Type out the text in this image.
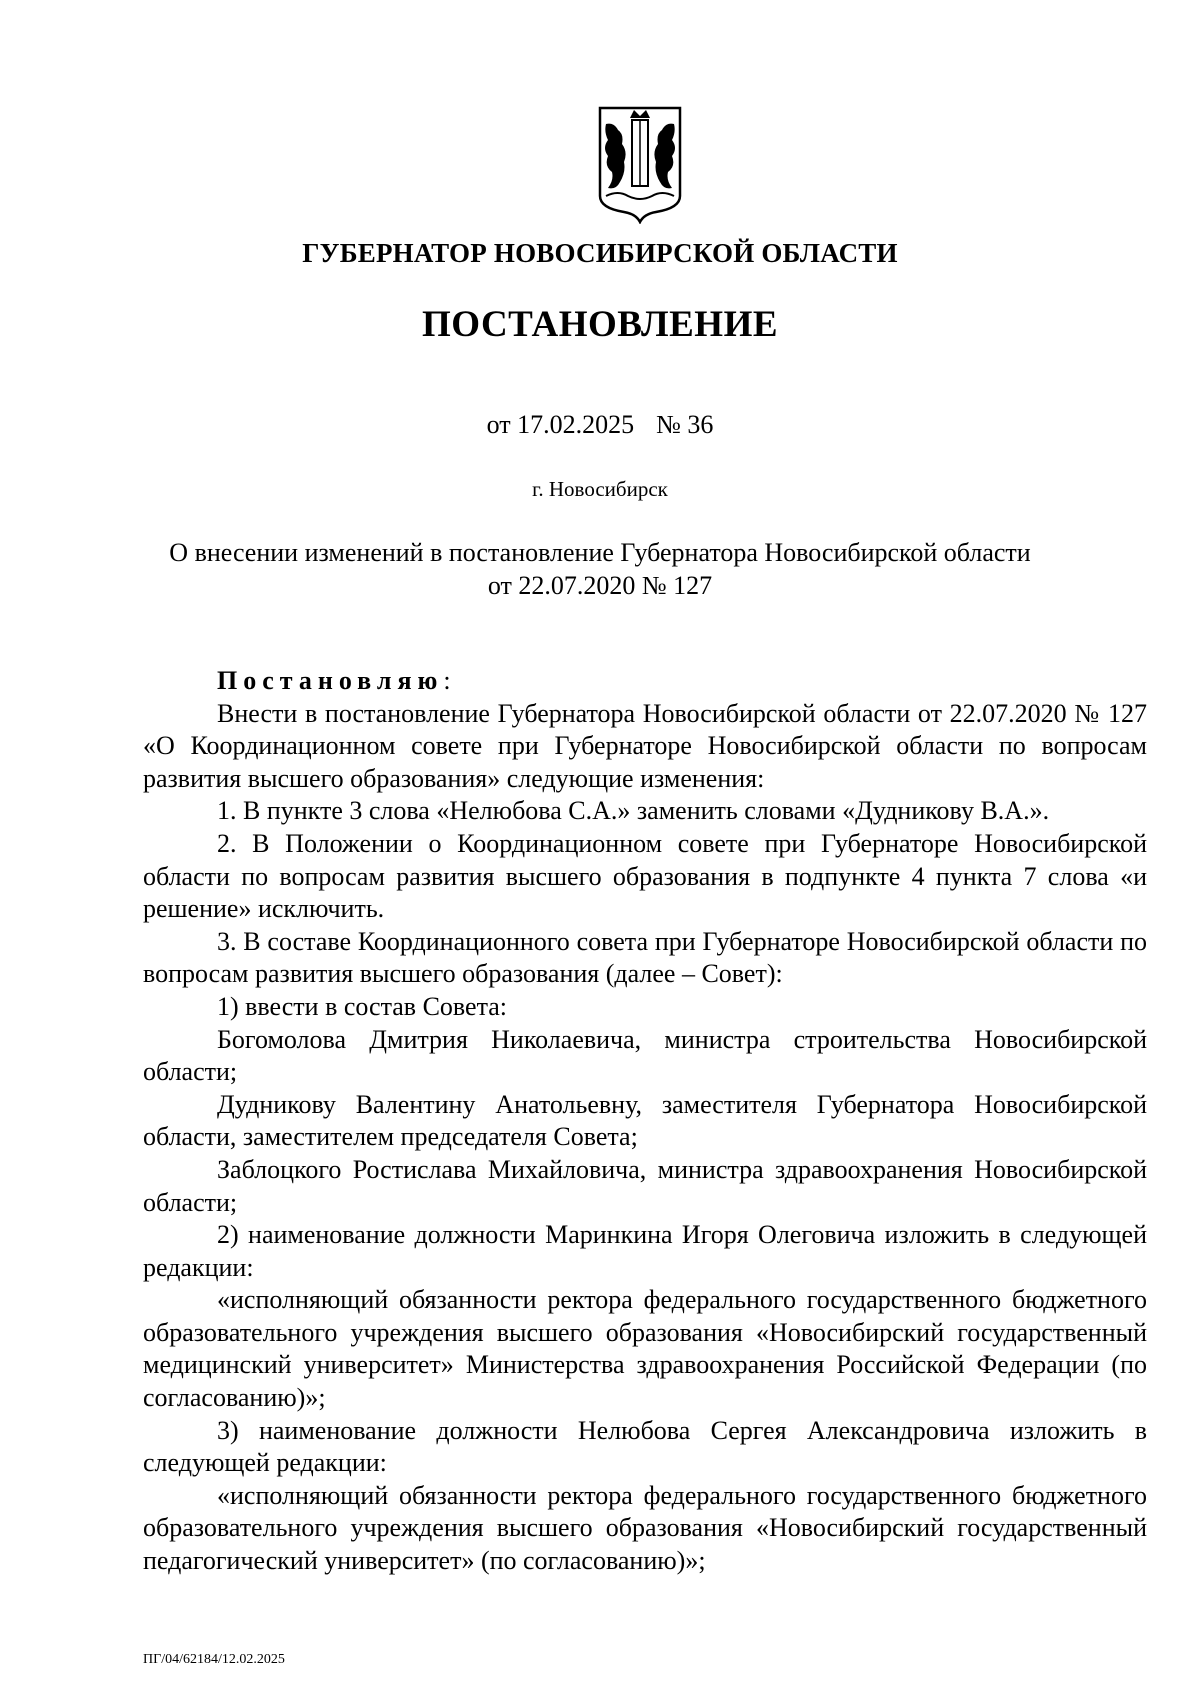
ГУБЕРНАТОР НОВОСИБИРСКОЙ ОБЛАСТИ
ПОСТАНОВЛЕНИЕ
от 17.02.2025 № 36
г. Новосибирск
О внесении изменений в постановление Губернатора Новосибирской области
от 22.07.2020 № 127

Постановляю:

Внести в постановление Губернатора Новосибирской области от 22.07.2020 № 127 «О Координационном совете при Губернаторе Новосибирской области по вопросам развития высшего образования» следующие изменения:

1. В пункте 3 слова «Нелюбова С.А.» заменить словами «Дудникову В.А.».

2. В Положении о Координационном совете при Губернаторе Новосибирской области по вопросам развития высшего образования в подпункте 4 пункта 7 слова «и решение» исключить.

3. В составе Координационного совета при Губернаторе Новосибирской области по вопросам развития высшего образования (далее – Совет):

1) ввести в состав Совета:

Богомолова Дмитрия Николаевича, министра строительства Новосибирской области;

Дудникову Валентину Анатольевну, заместителя Губернатора Новосибирской области, заместителем председателя Совета;

Заблоцкого Ростислава Михайловича, министра здравоохранения Новосибирской области;

2) наименование должности Маринкина Игоря Олеговича изложить в следующей редакции:

«исполняющий обязанности ректора федерального государственного бюджетного образовательного учреждения высшего образования «Новосибирский государственный медицинский университет» Министерства здравоохранения Российской Федерации (по согласованию)»;

3) наименование должности Нелюбова Сергея Александровича изложить в следующей редакции:

«исполняющий обязанности ректора федерального государственного бюджетного образовательного учреждения высшего образования «Новосибирский государственный педагогический университет» (по согласованию)»;

ПГ/04/62184/12.02.2025
